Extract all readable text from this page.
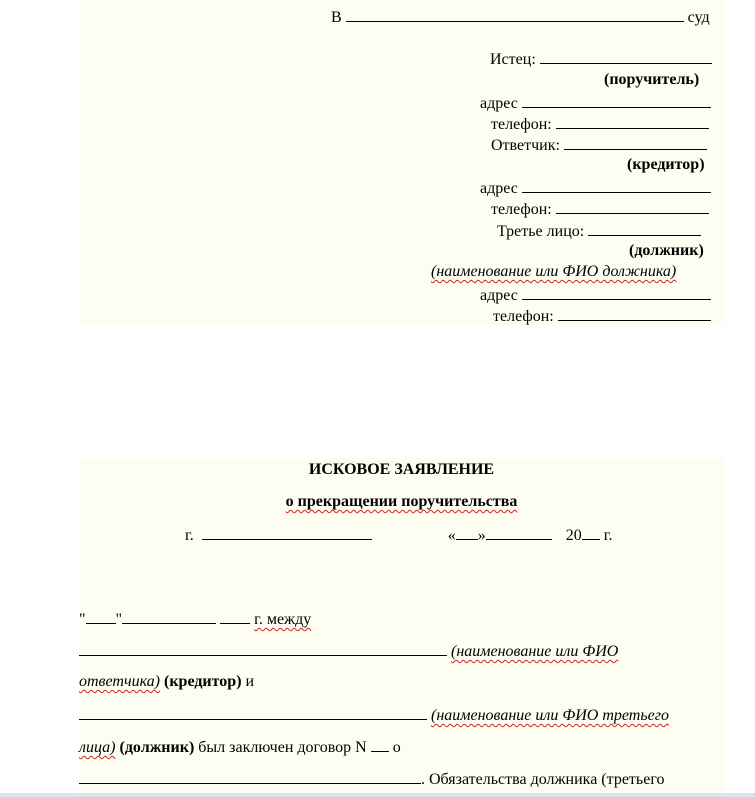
В	суд
Истец:
(поручитель)
адрес
телефон:
Ответчик:
(кредитор)
адрес
телефон:
Третье лицо:
(должник)
(наименование или ФИО должника)
адрес
телефон:
ИСКОВОЕ ЗАЯВЛЕНИЕ
о прекращении поручительства
г.	« »	20 г.
" "	г. между
(наименование или ФИО
ответчика) (кредитор) и
(наименование или ФИО третьего
лица) (должник) был заключен договор N о
. Обязательства должника (третьего
